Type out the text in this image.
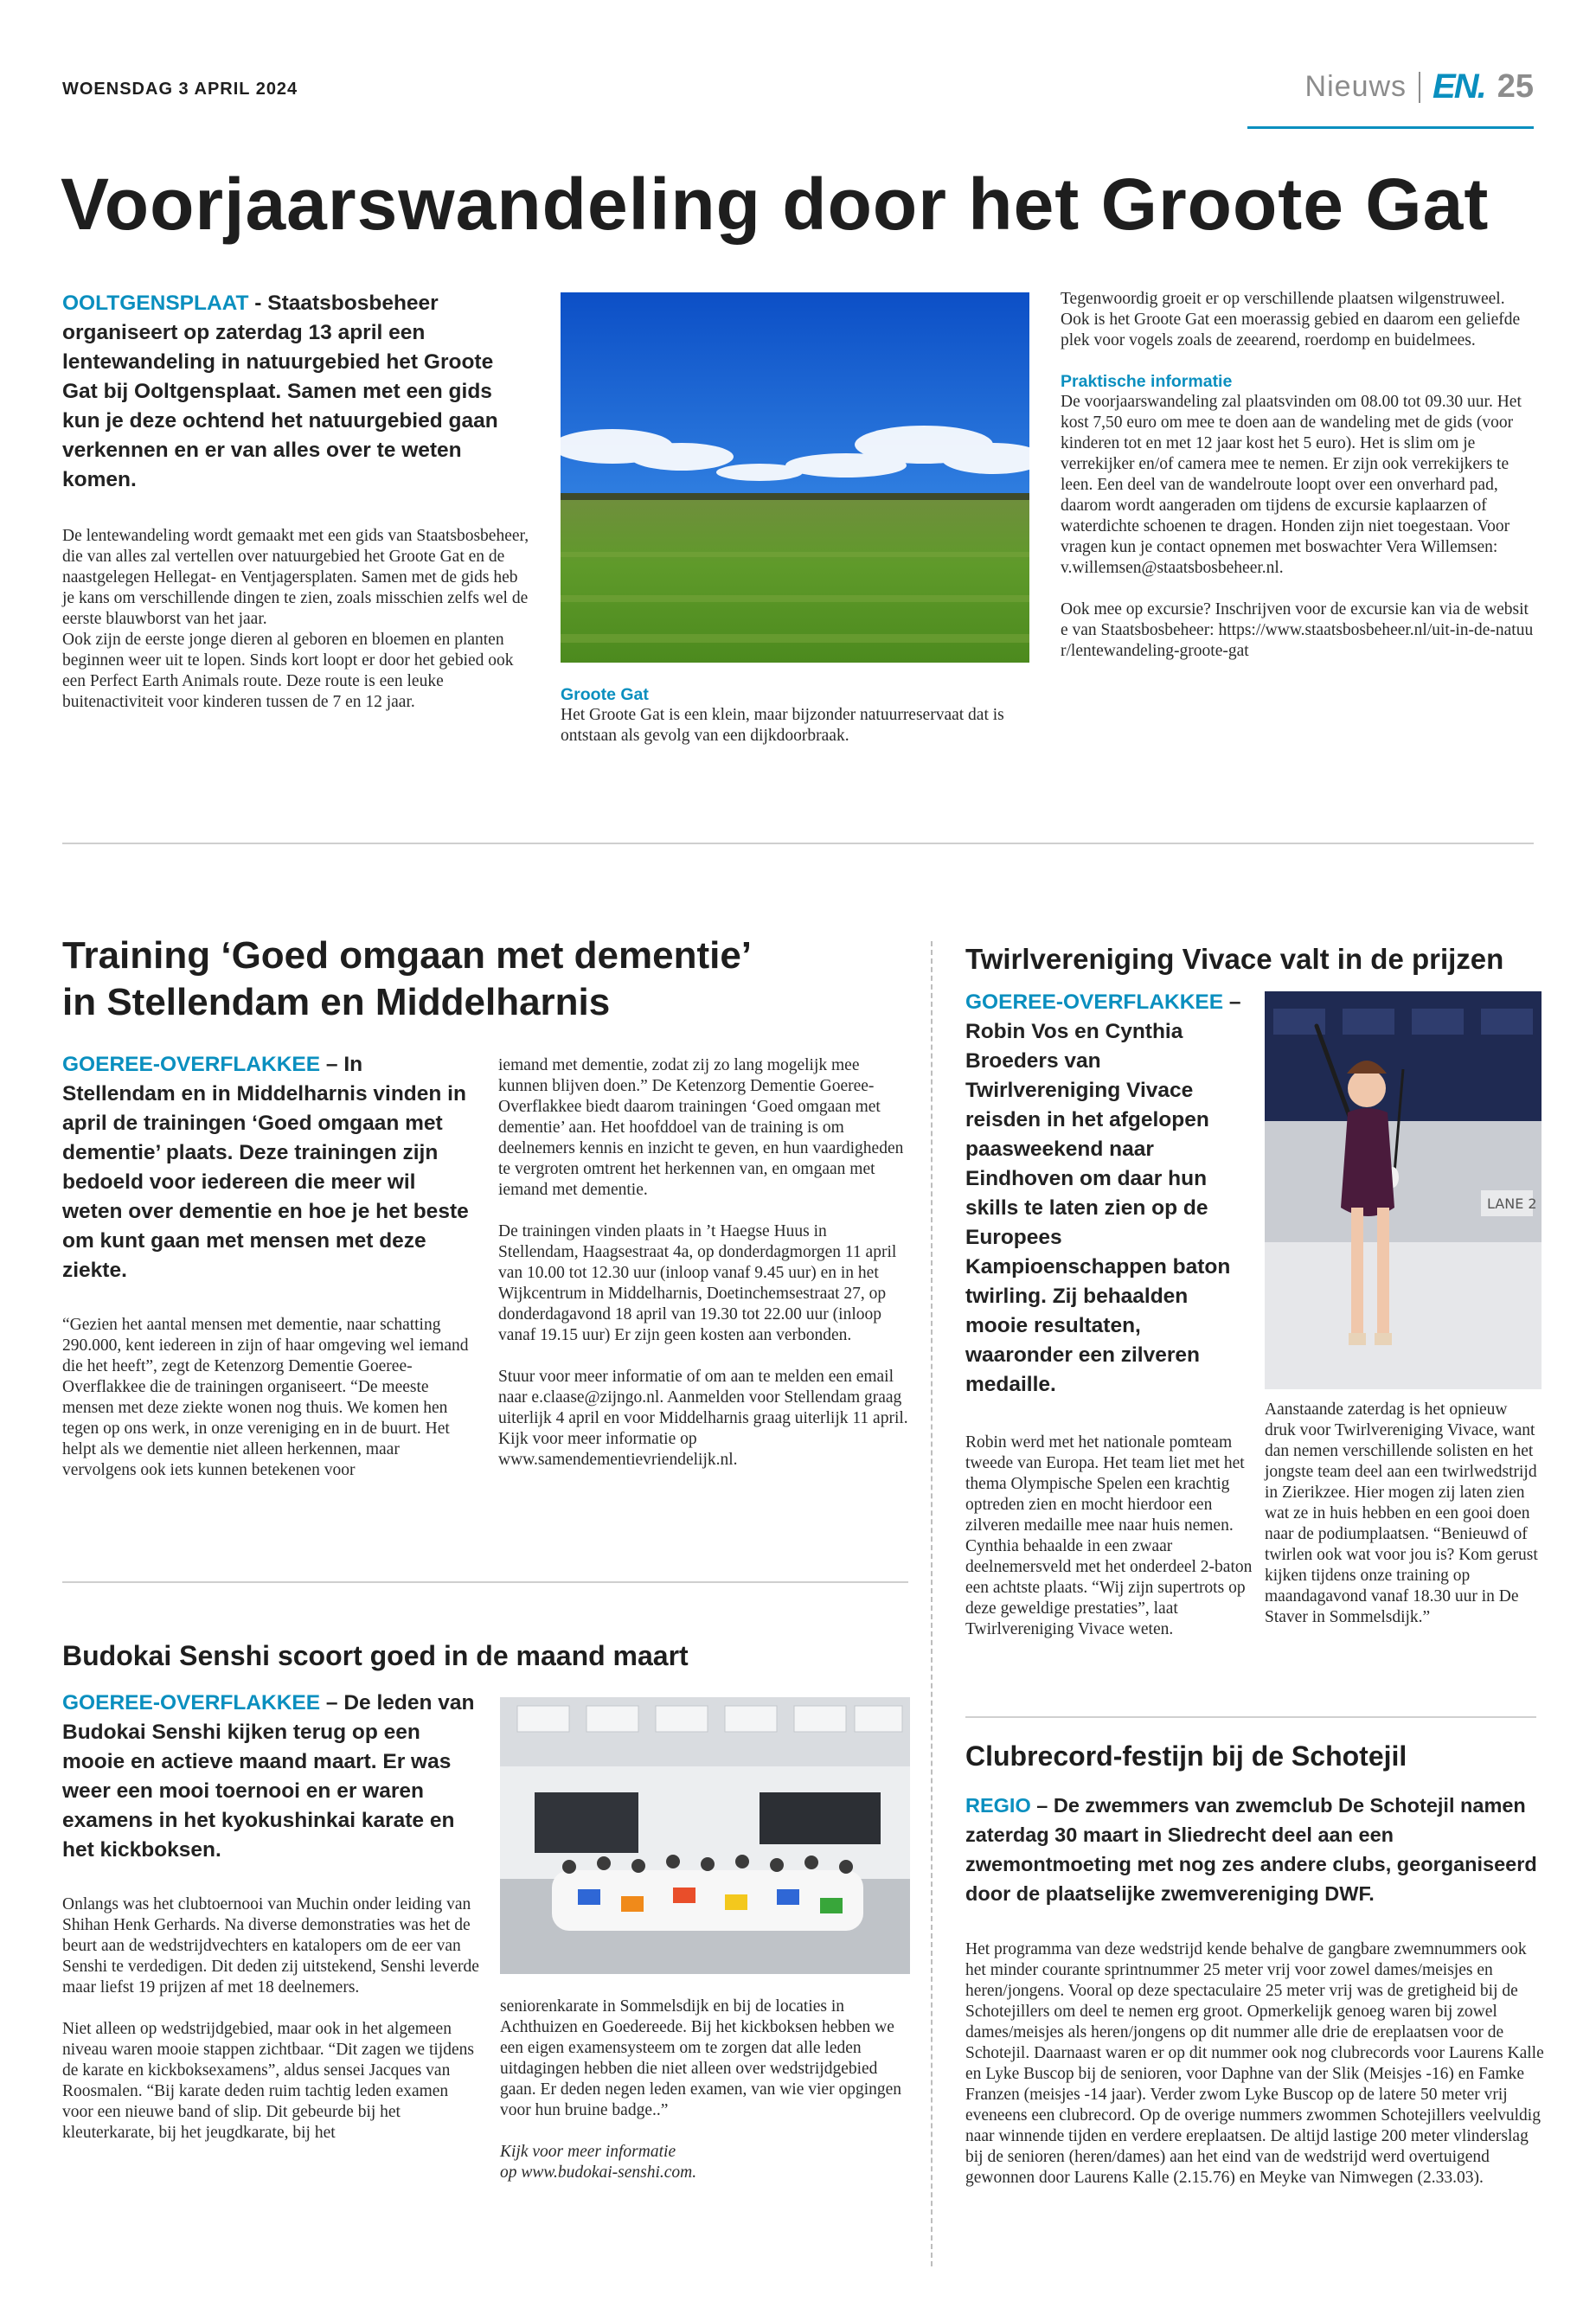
WOENSDAG 3 APRIL 2024	Nieuws EN. 25
Voorjaarswandeling door het Groote Gat

OOLTGENSPLAAT - Staatsbosbeheer organiseert op zaterdag 13 april een lentewandeling in natuurgebied het Groote Gat bij Ooltgensplaat. Samen met een gids kun je deze ochtend het natuurgebied gaan verkennen en er van alles over te weten komen.

De lentewandeling wordt gemaakt met een gids van Staatsbosbeheer, die van alles zal vertellen over natuurgebied het Groote Gat en de naastgelegen Hellegat- en Ventjagersplaten. Samen met de gids heb je kans om verschillende dingen te zien, zoals misschien zelfs wel de eerste blauwborst van het jaar.

Ook zijn de eerste jonge dieren al geboren en bloemen en planten beginnen weer uit te lopen. Sinds kort loopt er door het gebied ook een Perfect Earth Animals route. Deze route is een leuke buitenactiviteit voor kinderen tussen de 7 en 12 jaar.	Groote Gat

Het Groote Gat is een klein, maar bijzonder natuurreservaat dat is ontstaan als gevolg van een dijkdoorbraak.

Tegenwoordig groeit er op verschillende plaatsen wilgenstruweel. Ook is het Groote Gat een moerassig gebied en daarom een geliefde plek voor vogels zoals de zeearend, roerdomp en buidelmees.

Praktische informatie

De voorjaarswandeling zal plaatsvinden om 08.00 tot 09.30 uur. Het kost 7,50 euro om mee te doen aan de wandeling met de gids (voor kinderen tot en met 12 jaar kost het 5 euro). Het is slim om je verrekijker en/of camera mee te nemen. Er zijn ook verrekijkers te leen. Een deel van de wandelroute loopt over een onverhard pad, daarom wordt aangeraden om tijdens de excursie kaplaarzen of waterdichte schoenen te dragen. Honden zijn niet toegestaan. Voor vragen kun je contact opnemen met boswachter Vera Willemsen: v.willemsen@staatsbosbeheer.nl.

Ook mee op excursie? Inschrijven voor de excursie kan via de website van Staatsbosbeheer: https://www.staatsbosbeheer.nl/uit-in-de-natuur/lentewandeling-groote-gat

Training ‘Goed omgaan met dementie’
in Stellendam en Middelharnis

GOEREE-OVERFLAKKEE – In Stellendam en in Middelharnis vinden in april de trainingen ‘Goed omgaan met dementie’ plaats. Deze trainingen zijn bedoeld voor iedereen die meer wil weten over dementie en hoe je het beste om kunt gaan met mensen met deze ziekte.

“Gezien het aantal mensen met dementie, naar schatting 290.000, kent iedereen in zijn of haar omgeving wel iemand die het heeft”, zegt de Ketenzorg Dementie Goeree-Overflakkee die de trainingen organiseert. “De meeste mensen met deze ziekte wonen nog thuis. We komen hen tegen op ons werk, in onze vereniging en in de buurt. Het helpt als we dementie niet alleen herkennen, maar vervolgens ook iets kunnen betekenen voor

iemand met dementie, zodat zij zo lang mogelijk mee kunnen blijven doen.” De Ketenzorg Dementie Goeree-Overflakkee biedt daarom trainingen ‘Goed omgaan met dementie’ aan. Het hoofddoel van de training is om deelnemers kennis en inzicht te geven, en hun vaardigheden te vergroten omtrent het herkennen van, en omgaan met iemand met dementie.

De trainingen vinden plaats in ’t Haegse Huus in Stellendam, Haagsestraat 4a, op donderdagmorgen 11 april van 10.00 tot 12.30 uur (inloop vanaf 9.45 uur) en in het Wijkcentrum in Middelharnis, Doetinchemsestraat 27, op donderdagavond 18 april van 19.30 tot 22.00 uur (inloop vanaf 19.15 uur) Er zijn geen kosten aan verbonden.

Stuur voor meer informatie of om aan te melden een email naar e.claase@zijngo.nl. Aanmelden voor Stellendam graag uiterlijk 4 april en voor Middelharnis graag uiterlijk 11 april. Kijk voor meer informatie op www.samendementievriendelijk.nl.

Budokai Senshi scoort goed in de maand maart

GOEREE-OVERFLAKKEE – De leden van Budokai Senshi kijken terug op een mooie en actieve maand maart. Er was weer een mooi toernooi en er waren examens in het kyokushinkai karate en het kickboksen.

Onlangs was het clubtoernooi van Muchin onder leiding van Shihan Henk Gerhards. Na diverse demonstraties was het de beurt aan de wedstrijdvechters en katalopers om de eer van Senshi te verdedigen. Dit deden zij uitstekend, Senshi leverde maar liefst 19 prijzen af met 18 deelnemers.

Niet alleen op wedstrijdgebied, maar ook in het algemeen niveau waren mooie stappen zichtbaar. “Dit zagen we tijdens de karate en kickboksexamens”, aldus sensei Jacques van Roosmalen. “Bij karate deden ruim tachtig leden examen voor een nieuwe band of slip. Dit gebeurde bij het kleuterkarate, bij het jeugdkarate, bij het

seniorenkarate in Sommelsdijk en bij de locaties in Achthuizen en Goedereede. Bij het kickboksen hebben we een eigen examensysteem om te zorgen dat alle leden uitdagingen hebben die niet alleen over wedstrijdgebied gaan. Er deden negen leden examen, van wie vier opgingen voor hun bruine badge..”

Kijk voor meer informatie
op www.budokai-senshi.com.

Twirlvereniging Vivace valt in de prijzen

GOEREE-OVERFLAKKEE – Robin Vos en Cynthia Broeders van Twirlvereniging Vivace reisden in het afgelopen paasweekend naar Eindhoven om daar hun skills te laten zien op de Europees Kampioenschappen baton twirling. Zij behaalden mooie resultaten, waaronder een zilveren medaille.

Robin werd met het nationale pomteam tweede van Europa. Het team liet met het thema Olympische Spelen een krachtig optreden zien en mocht hierdoor een zilveren medaille mee naar huis nemen. Cynthia behaalde in een zwaar deelnemersveld met het onderdeel 2-baton een achtste plaats. “Wij zijn supertrots op deze geweldige prestaties”, laat Twirlvereniging Vivace weten.

LANE 2

Aanstaande zaterdag is het opnieuw druk voor Twirlvereniging Vivace, want dan nemen verschillende solisten en het jongste team deel aan een twirlwedstrijd in Zierikzee. Hier mogen zij laten zien wat ze in huis hebben en een gooi doen naar de podiumplaatsen. “Benieuwd of twirlen ook wat voor jou is? Kom gerust kijken tijdens onze training op maandagavond vanaf 18.30 uur in De Staver in Sommelsdijk.”

Clubrecord-festijn bij de Schotejil

REGIO – De zwemmers van zwemclub De Schotejil namen zaterdag 30 maart in Sliedrecht deel aan een zwemontmoeting met nog zes andere clubs, georganiseerd door de plaatselijke zwemvereniging DWF.

Het programma van deze wedstrijd kende behalve de gangbare zwemnummers ook het minder courante sprintnummer 25 meter vrij voor zowel dames/meisjes en heren/jongens. Vooral op deze spectaculaire 25 meter vrij was de gretigheid bij de Schotejillers om deel te nemen erg groot. Opmerkelijk genoeg waren bij zowel dames/meisjes als heren/jongens op dit nummer alle drie de ereplaatsen voor de Schotejil. Daarnaast waren er op dit nummer ook nog clubrecords voor Laurens Kalle en Lyke Buscop bij de senioren, voor Daphne van der Slik (Meisjes -16) en Famke Franzen (meisjes -14 jaar). Verder zwom Lyke Buscop op de latere 50 meter vrij eveneens een clubrecord. Op de overige nummers zwommen Schotejillers veelvuldig naar winnende tijden en verdere ereplaatsen. De altijd lastige 200 meter vlinderslag bij de senioren (heren/dames) aan het eind van de wedstrijd werd overtuigend gewonnen door Laurens Kalle (2.15.76) en Meyke van Nimwegen (2.33.03).
